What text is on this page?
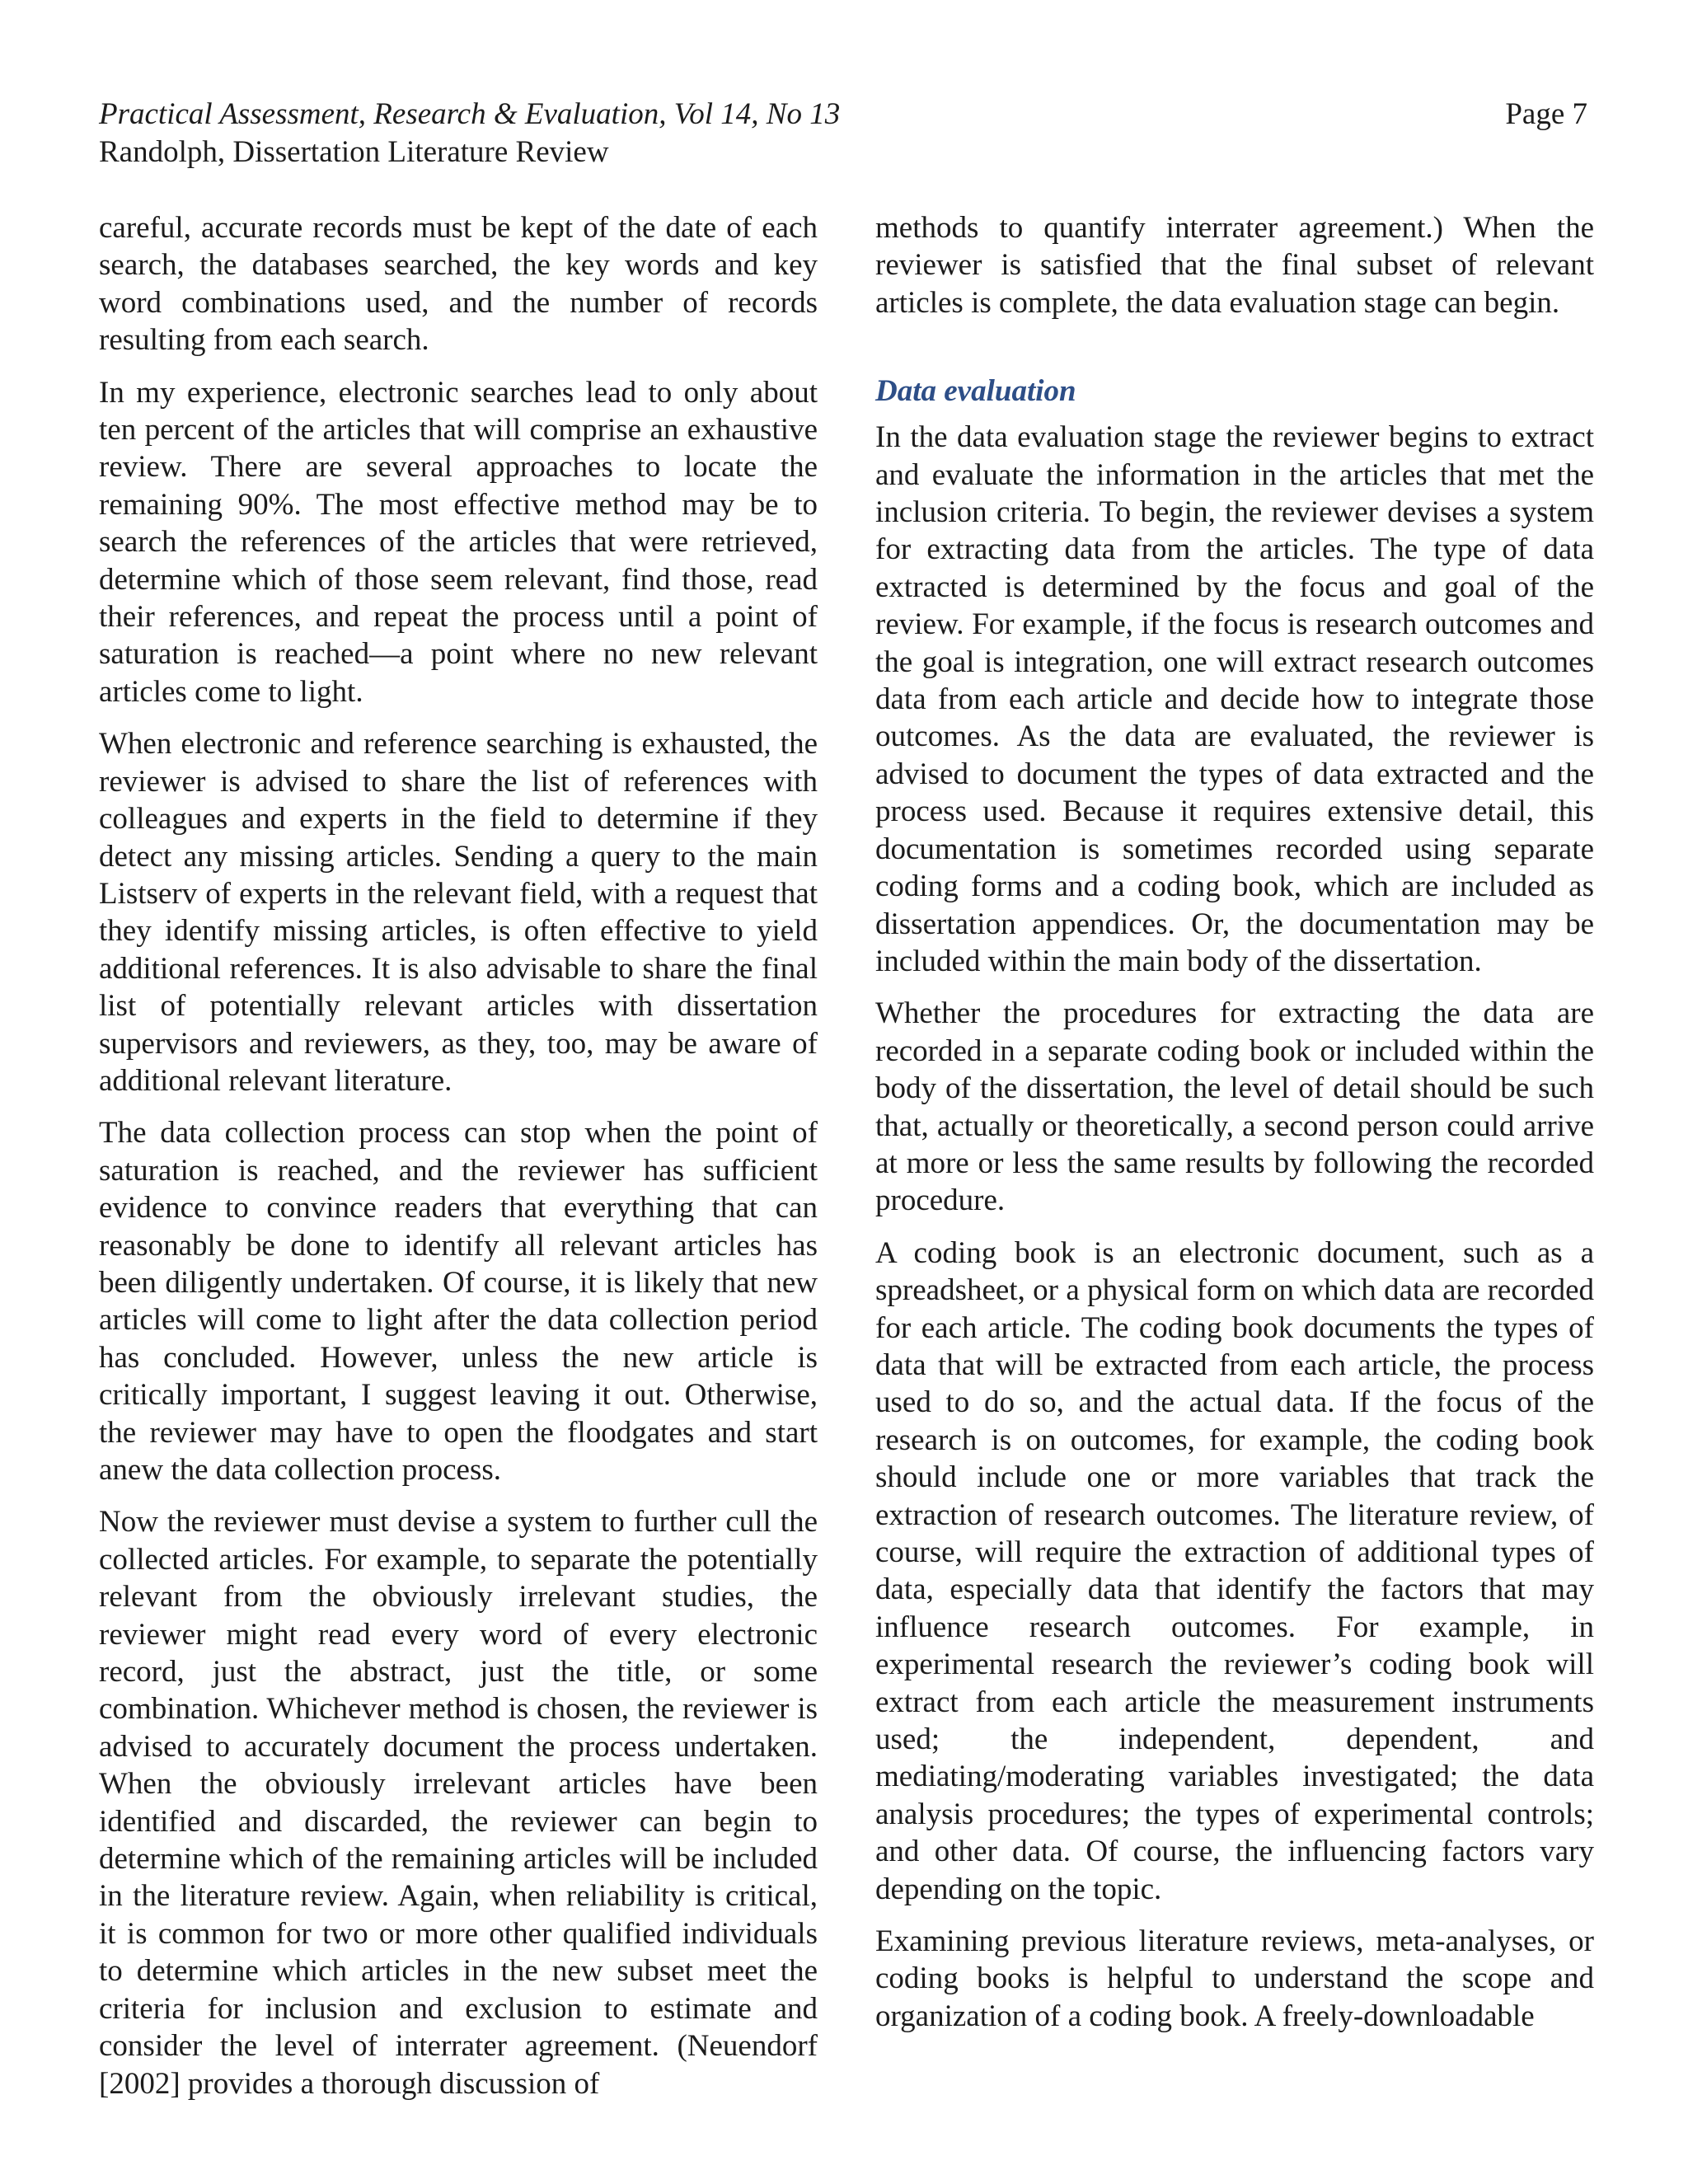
Practical Assessment, Research & Evaluation, Vol 14, No 13	Page 7
Randolph, Dissertation Literature Review

careful, accurate records must be kept of the date of each search, the databases searched, the key words and key word combinations used, and the number of records resulting from each search.

In my experience, electronic searches lead to only about ten percent of the articles that will comprise an exhaustive review. There are several approaches to locate the remaining 90%. The most effective method may be to search the references of the articles that were retrieved, determine which of those seem relevant, find those, read their references, and repeat the process until a point of saturation is reached—a point where no new relevant articles come to light.

When electronic and reference searching is exhausted, the reviewer is advised to share the list of references with colleagues and experts in the field to determine if they detect any missing articles. Sending a query to the main Listserv of experts in the relevant field, with a request that they identify missing articles, is often effective to yield additional references. It is also advisable to share the final list of potentially relevant articles with dissertation supervisors and reviewers, as they, too, may be aware of additional relevant literature.

The data collection process can stop when the point of saturation is reached, and the reviewer has sufficient evidence to convince readers that everything that can reasonably be done to identify all relevant articles has been diligently undertaken. Of course, it is likely that new articles will come to light after the data collection period has concluded. However, unless the new article is critically important, I suggest leaving it out. Otherwise, the reviewer may have to open the floodgates and start anew the data collection process.

Now the reviewer must devise a system to further cull the collected articles. For example, to separate the potentially relevant from the obviously irrelevant studies, the reviewer might read every word of every electronic record, just the abstract, just the title, or some combination. Whichever method is chosen, the reviewer is advised to accurately document the process undertaken. When the obviously irrelevant articles have been identified and discarded, the reviewer can begin to determine which of the remaining articles will be included in the literature review. Again, when reliability is critical, it is common for two or more other qualified individuals to determine which articles in the new subset meet the criteria for inclusion and exclusion to estimate and consider the level of interrater agreement. (Neuendorf [2002] provides a thorough discussion of

methods to quantify interrater agreement.) When the reviewer is satisfied that the final subset of relevant articles is complete, the data evaluation stage can begin.

Data evaluation

In the data evaluation stage the reviewer begins to extract and evaluate the information in the articles that met the inclusion criteria. To begin, the reviewer devises a system for extracting data from the articles. The type of data extracted is determined by the focus and goal of the review. For example, if the focus is research outcomes and the goal is integration, one will extract research outcomes data from each article and decide how to integrate those outcomes. As the data are evaluated, the reviewer is advised to document the types of data extracted and the process used. Because it requires extensive detail, this documentation is sometimes recorded using separate coding forms and a coding book, which are included as dissertation appendices. Or, the documentation may be included within the main body of the dissertation.

Whether the procedures for extracting the data are recorded in a separate coding book or included within the body of the dissertation, the level of detail should be such that, actually or theoretically, a second person could arrive at more or less the same results by following the recorded procedure.

A coding book is an electronic document, such as a spreadsheet, or a physical form on which data are recorded for each article. The coding book documents the types of data that will be extracted from each article, the process used to do so, and the actual data. If the focus of the research is on outcomes, for example, the coding book should include one or more variables that track the extraction of research outcomes. The literature review, of course, will require the extraction of additional types of data, especially data that identify the factors that may influence research outcomes. For example, in experimental research the reviewer’s coding book will extract from each article the measurement instruments used; the independent, dependent, and mediating/moderating variables investigated; the data analysis procedures; the types of experimental controls; and other data. Of course, the influencing factors vary depending on the topic.

Examining previous literature reviews, meta-analyses, or coding books is helpful to understand the scope and organization of a coding book. A freely-downloadable
